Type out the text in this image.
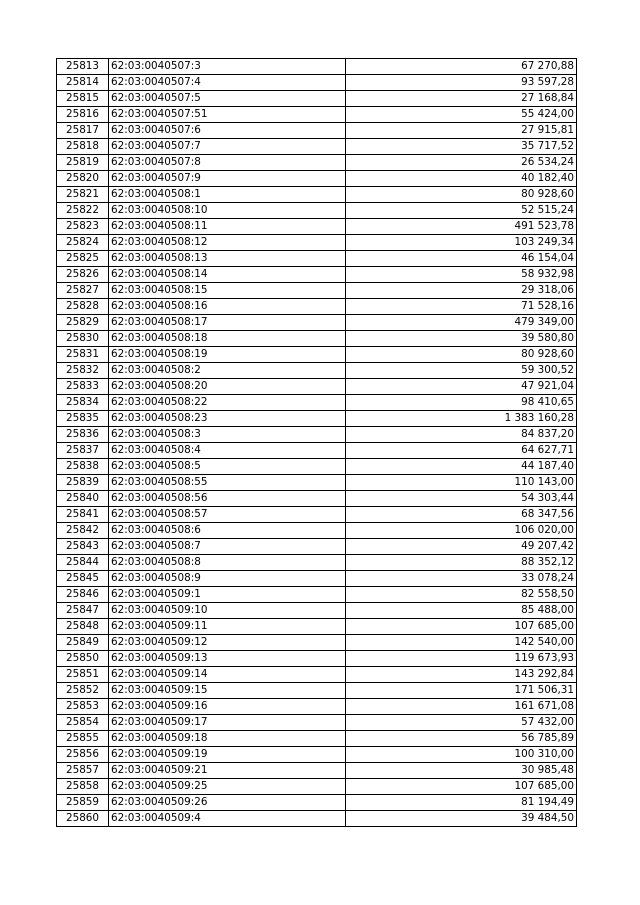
25813	62:03:0040507:3	67 270,88
25814	62:03:0040507:4	93 597,28
25815	62:03:0040507:5	27 168,84
25816	62:03:0040507:51	55 424,00
25817	62:03:0040507:6	27 915,81
25818	62:03:0040507:7	35 717,52
25819	62:03:0040507:8	26 534,24
25820	62:03:0040507:9	40 182,40
25821	62:03:0040508:1	80 928,60
25822	62:03:0040508:10	52 515,24
25823	62:03:0040508:11	491 523,78
25824	62:03:0040508:12	103 249,34
25825	62:03:0040508:13	46 154,04
25826	62:03:0040508:14	58 932,98
25827	62:03:0040508:15	29 318,06
25828	62:03:0040508:16	71 528,16
25829	62:03:0040508:17	479 349,00
25830	62:03:0040508:18	39 580,80
25831	62:03:0040508:19	80 928,60
25832	62:03:0040508:2	59 300,52
25833	62:03:0040508:20	47 921,04
25834	62:03:0040508:22	98 410,65
25835	62:03:0040508:23	1 383 160,28
25836	62:03:0040508:3	84 837,20
25837	62:03:0040508:4	64 627,71
25838	62:03:0040508:5	44 187,40
25839	62:03:0040508:55	110 143,00
25840	62:03:0040508:56	54 303,44
25841	62:03:0040508:57	68 347,56
25842	62:03:0040508:6	106 020,00
25843	62:03:0040508:7	49 207,42
25844	62:03:0040508:8	88 352,12
25845	62:03:0040508:9	33 078,24
25846	62:03:0040509:1	82 558,50
25847	62:03:0040509:10	85 488,00
25848	62:03:0040509:11	107 685,00
25849	62:03:0040509:12	142 540,00
25850	62:03:0040509:13	119 673,93
25851	62:03:0040509:14	143 292,84
25852	62:03:0040509:15	171 506,31
25853	62:03:0040509:16	161 671,08
25854	62:03:0040509:17	57 432,00
25855	62:03:0040509:18	56 785,89
25856	62:03:0040509:19	100 310,00
25857	62:03:0040509:21	30 985,48
25858	62:03:0040509:25	107 685,00
25859	62:03:0040509:26	81 194,49
25860	62:03:0040509:4	39 484,50
